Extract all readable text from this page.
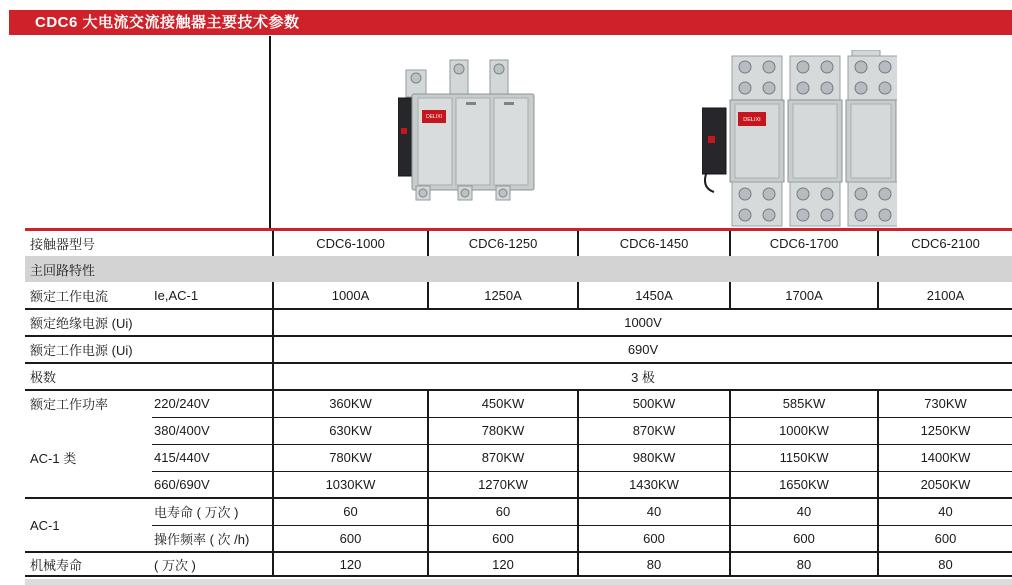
CDC6 大电流交流接触器主要技术参数
DELIXI	DELIXI
接触器型号		CDC6-1000	CDC6-1250	CDC6-1450	CDC6-1700	CDC6-2100
主回路特性						
额定工作电流	Ie,AC-1	1000A	1250A	1450A	1700A	2100A
额定绝缘电源 (Ui)		1000V				
额定工作电源 (Ui)		690V				
极数		3 极				

额定工作功率
AC-1 类	220/240V	360KW	450KW	500KW	585KW	730KW
	380/400V	630KW	780KW	870KW	1000KW	1250KW
	415/440V	780KW	870KW	980KW	1150KW	1400KW
	660/690V	1030KW	1270KW	1430KW	1650KW	2050KW
AC-1	电寿命 ( 万次 )	60	60	40	40	40
	操作频率 ( 次 /h)	600	600	600	600	600
机械寿命	( 万次 )	120	120	80	80	80
